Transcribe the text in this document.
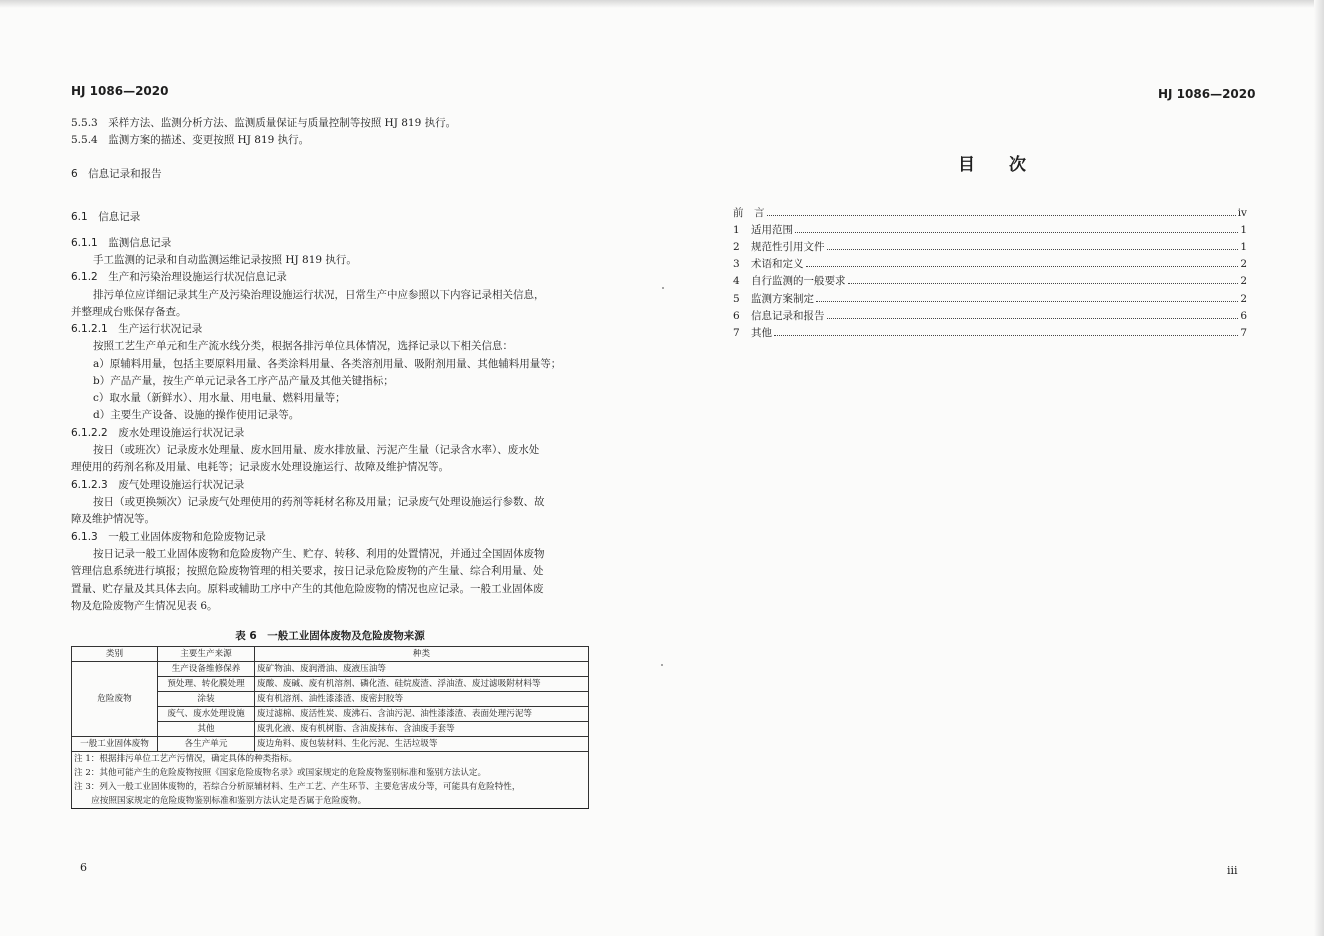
HJ 1086—2020
5.5.3　采样方法、监测分析方法、监测质量保证与质量控制等按照 HJ 819 执行。
5.5.4　监测方案的描述、变更按照 HJ 819 执行。
6　信息记录和报告
6.1　信息记录
6.1.1　监测信息记录
手工监测的记录和自动监测运维记录按照 HJ 819 执行。
6.1.2　生产和污染治理设施运行状况信息记录
排污单位应详细记录其生产及污染治理设施运行状况，日常生产中应参照以下内容记录相关信息，
并整理成台账保存备查。
6.1.2.1　生产运行状况记录
按照工艺生产单元和生产流水线分类，根据各排污单位具体情况，选择记录以下相关信息：
a）原辅料用量，包括主要原料用量、各类涂料用量、各类溶剂用量、吸附剂用量、其他辅料用量等；
b）产品产量，按生产单元记录各工序产品产量及其他关键指标；
c）取水量（新鲜水）、用水量、用电量、燃料用量等；
d）主要生产设备、设施的操作使用记录等。
6.1.2.2　废水处理设施运行状况记录
按日（或班次）记录废水处理量、废水回用量、废水排放量、污泥产生量（记录含水率）、废水处
理使用的药剂名称及用量、电耗等；记录废水处理设施运行、故障及维护情况等。
6.1.2.3　废气处理设施运行状况记录
按日（或更换频次）记录废气处理使用的药剂等耗材名称及用量；记录废气处理设施运行参数、故
障及维护情况等。
6.1.3　一般工业固体废物和危险废物记录
按日记录一般工业固体废物和危险废物产生、贮存、转移、利用的处置情况，并通过全国固体废物
管理信息系统进行填报；按照危险废物管理的相关要求，按日记录危险废物的产生量、综合利用量、处
置量、贮存量及其具体去向。原料或辅助工序中产生的其他危险废物的情况也应记录。一般工业固体废
物及危险废物产生情况见表 6。
表 6　一般工业固体废物及危险废物来源
类别	主要生产来源	种类
危险废物	生产设备维修保养	废矿物油、废润滑油、废液压油等
	预处理、转化膜处理	废酸、废碱、废有机溶剂、磷化渣、硅烷废渣、浮油渣、废过滤吸附材料等
	涂装	废有机溶剂、油性漆漆渣、废密封胶等
	废气、废水处理设施	废过滤棉、废活性炭、废沸石、含油污泥、油性漆漆渣、表面处理污泥等
	其他	废乳化液、废有机树脂、含油废抹布、含油废手套等
一般工业固体废物	各生产单元	废边角料、废包装材料、生化污泥、生活垃圾等
注 1：根据排污单位工艺产污情况，确定具体的种类指标。		
注 2：其他可能产生的危险废物按照《国家危险废物名录》或国家规定的危险废物鉴别标准和鉴别方法认定。		
注 3：列入一般工业固体废物的，若综合分析原辅材料、生产工艺、产生环节、主要危害成分等，可能具有危险特性，		
　　应按照国家规定的危险废物鉴别标准和鉴别方法认定是否属于危险废物。		
6
HJ 1086—2020
目次
前　言	iv
1	适用范围	1
2	规范性引用文件	1
3	术语和定义	2
4	自行监测的一般要求	2
5	监测方案制定	2
6	信息记录和报告	6
7	其他	7
iii
